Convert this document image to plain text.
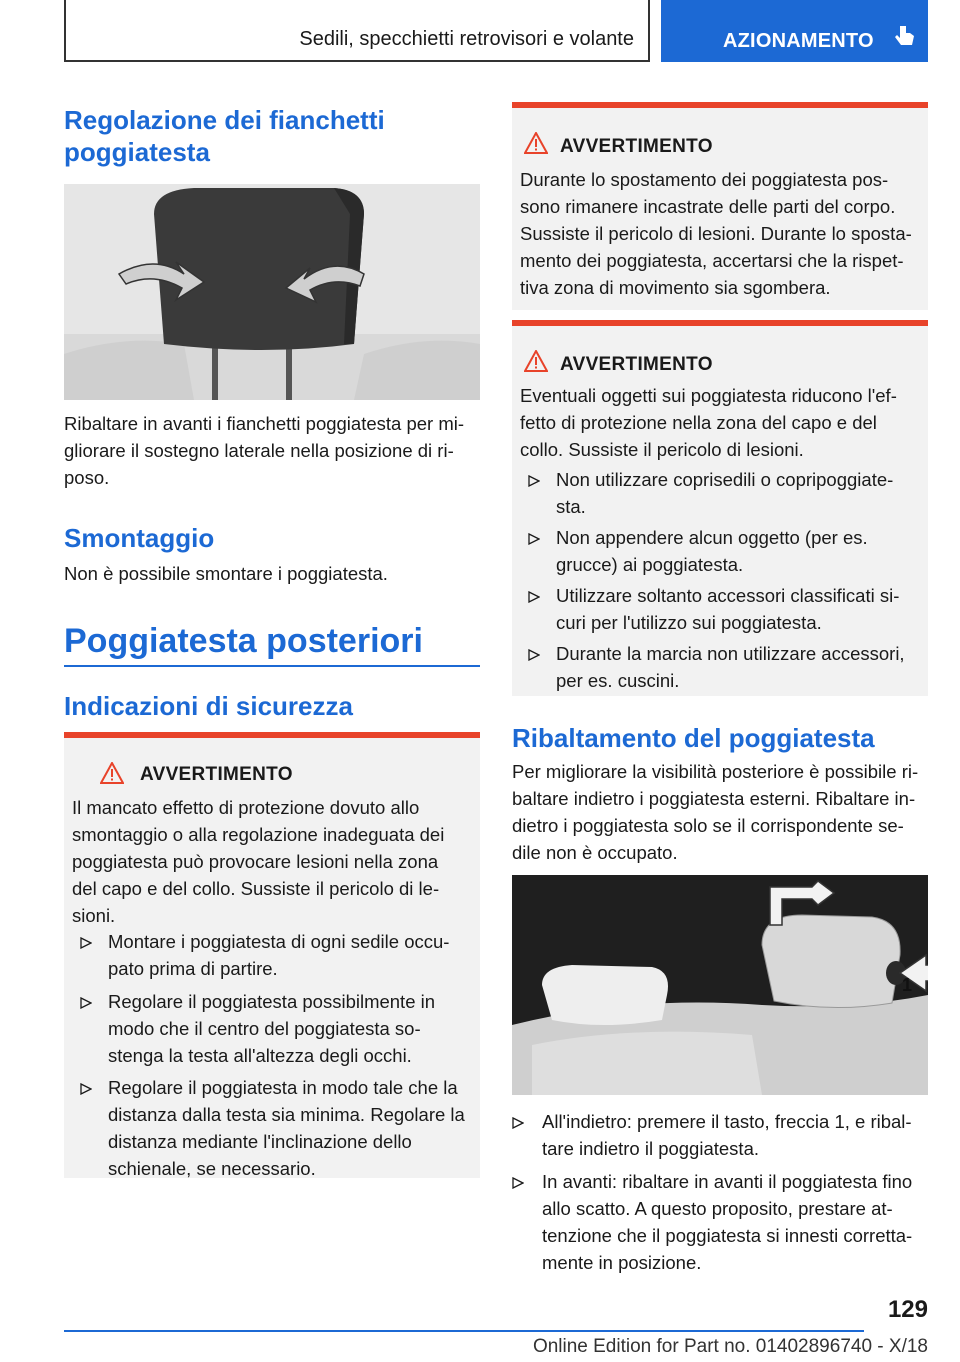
Sedili, specchietti retrovisori e volante	AZIONAMENTO
Regolazione dei fianchetti
poggiatesta
Ribaltare in avanti i fianchetti poggiatesta per mi-
gliorare il sostegno laterale nella posizione di ri-
poso.
Smontaggio
Non è possibile smontare i poggiatesta.
Poggiatesta posteriori
Indicazioni di sicurezza
AVVERTIMENTO

Il mancato effetto di protezione dovuto allo
smontaggio o alla regolazione inadeguata dei
poggiatesta può provocare lesioni nella zona
del capo e del collo. Sussiste il pericolo di le-
sioni.

Montare i poggiatesta di ogni sedile occu-
pato prima di partire.
Regolare il poggiatesta possibilmente in
modo che il centro del poggiatesta so-
stenga la testa all'altezza degli occhi.
Regolare il poggiatesta in modo tale che la
distanza dalla testa sia minima. Regolare la
distanza mediante l'inclinazione dello
schienale, se necessario.
AVVERTIMENTO

Durante lo spostamento dei poggiatesta pos-
sono rimanere incastrate delle parti del corpo.
Sussiste il pericolo di lesioni. Durante lo sposta-
mento dei poggiatesta, accertarsi che la rispet-
tiva zona di movimento sia sgombera.

AVVERTIMENTO

Eventuali oggetti sui poggiatesta riducono l'ef-
fetto di protezione nella zona del capo e del
collo. Sussiste il pericolo di lesioni.

Non utilizzare coprisedili o copripoggiate-
sta.
Non appendere alcun oggetto (per es.
grucce) ai poggiatesta.
Utilizzare soltanto accessori classificati si-
curi per l'utilizzo sui poggiatesta.
Durante la marcia non utilizzare accessori,
per es. cuscini.
Ribaltamento del poggiatesta
Per migliorare la visibilità posteriore è possibile ri-
baltare indietro i poggiatesta esterni. Ribaltare in-
dietro i poggiatesta solo se il corrispondente se-
dile non è occupato.
1
All'indietro: premere il tasto, freccia 1, e ribal-
tare indietro il poggiatesta.
In avanti: ribaltare in avanti il poggiatesta fino
allo scatto. A questo proposito, prestare at-
tenzione che il poggiatesta si innesti corretta-
mente in posizione.
129
Online Edition for Part no. 01402896740 - X/18
